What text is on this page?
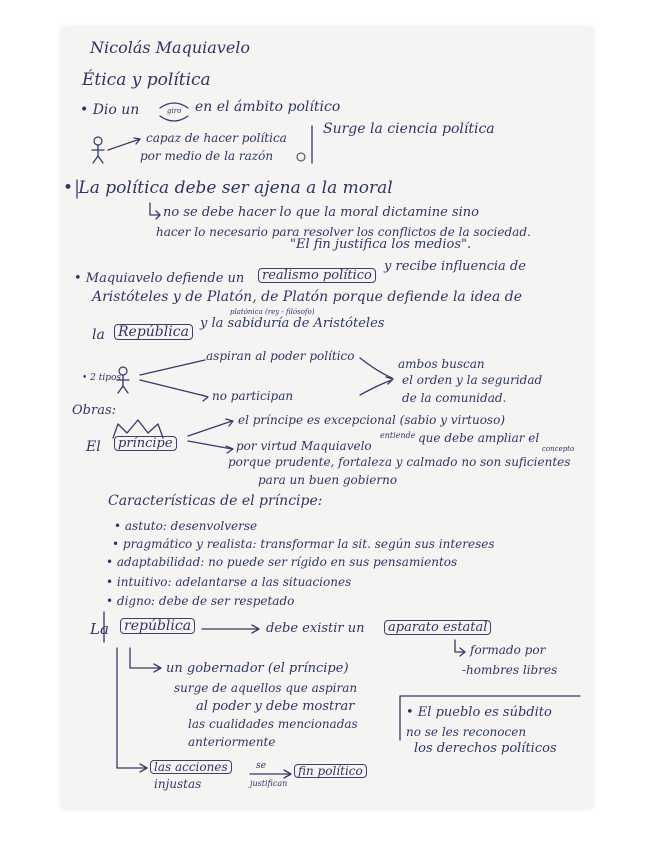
Nicolás Maquiavelo
Ética y política
• Dio un	giro en el ámbito político
capaz de hacer política
por medio de la razón
Surge la ciencia política
• La política debe ser ajena a la moral
no se debe hacer lo que la moral dictamine sino
hacer lo necesario para resolver los conflictos de la sociedad.
"El fin justifica los medios".
• Maquiavelo defiende un	realismo político
y recibe influencia de
Aristóteles y de Platón, de Platón porque defiende la idea de
platónica (rey - filósofo)
la República
y la sabiduría de Aristóteles
• 2 tipos
aspiran al poder político
no participan
ambos buscan
el orden y la seguridad
de la comunidad.
Obras:
El	príncipe
el príncipe es excepcional (sabio y virtuoso)
por virtud Maquiavelo
entiende que debe ampliar el
concepto
porque prudente, fortaleza y calmado no son suficientes
para un buen gobierno
Características de el príncipe:
• astuto: desenvolverse
• pragmático y realista: transformar la sit. según sus intereses
• adaptabilidad: no puede ser rígido en sus pensamientos
• intuitivo: adelantarse a las situaciones
• digno: debe de ser respetado
La república	debe existir un	aparato estatal
formado por
-hombres libres
un gobernador (el príncipe)
surge de aquellos que aspiran
al poder y debe mostrar
las cualidades mencionadas
anteriormente
• El pueblo es súbdito
no se les reconocen
los derechos políticos
las acciones
injustas
se
justifican
fin político
